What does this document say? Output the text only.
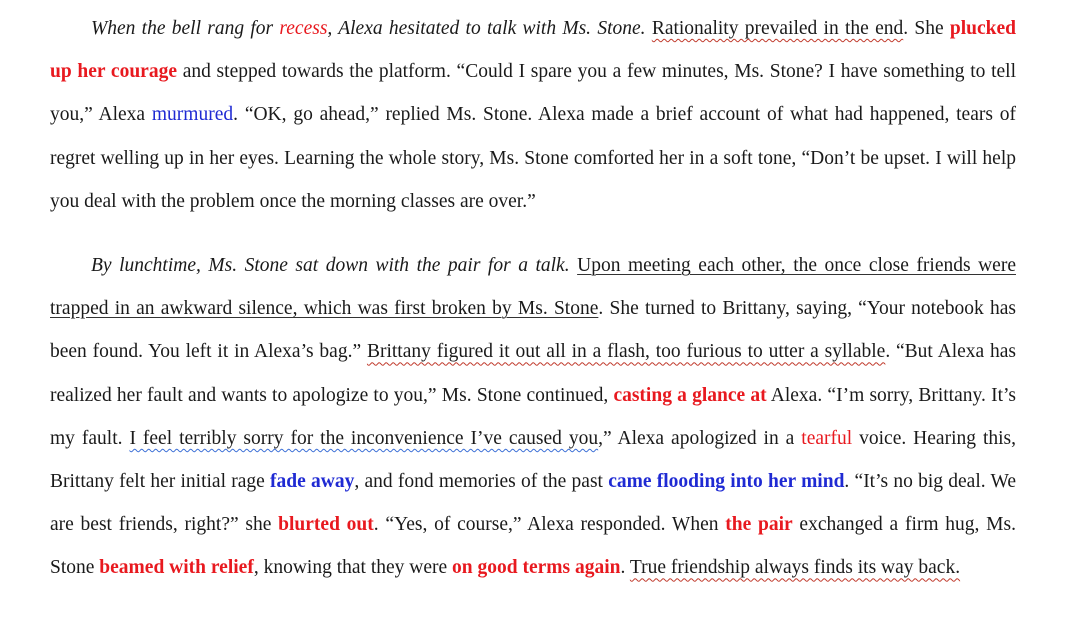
When the bell rang for recess, Alexa hesitated to talk with Ms. Stone. Rationality prevailed in the end. She plucked up her courage and stepped towards the platform. “Could I spare you a few minutes, Ms. Stone? I have something to tell you,” Alexa murmured. “OK, go ahead,” replied Ms. Stone. Alexa made a brief account of what had happened, tears of regret welling up in her eyes. Learning the whole story, Ms. Stone comforted her in a soft tone, “Don’t be upset. I will help you deal with the problem once the morning classes are over.”

By lunchtime, Ms. Stone sat down with the pair for a talk. Upon meeting each other, the once close friends were trapped in an awkward silence, which was first broken by Ms. Stone. She turned to Brittany, saying, “Your notebook has been found. You left it in Alexa’s bag.” Brittany figured it out all in a flash, too furious to utter a syllable. “But Alexa has realized her fault and wants to apologize to you,” Ms. Stone continued, casting a glance at Alexa. “I’m sorry, Brittany. It’s my fault. I feel terribly sorry for the inconvenience I’ve caused you,” Alexa apologized in a tearful voice. Hearing this, Brittany felt her initial rage fade away, and fond memories of the past came flooding into her mind. “It’s no big deal. We are best friends, right?” she blurted out. “Yes, of course,” Alexa responded. When the pair exchanged a firm hug, Ms. Stone beamed with relief, knowing that they were on good terms again. True friendship always finds its way back.
